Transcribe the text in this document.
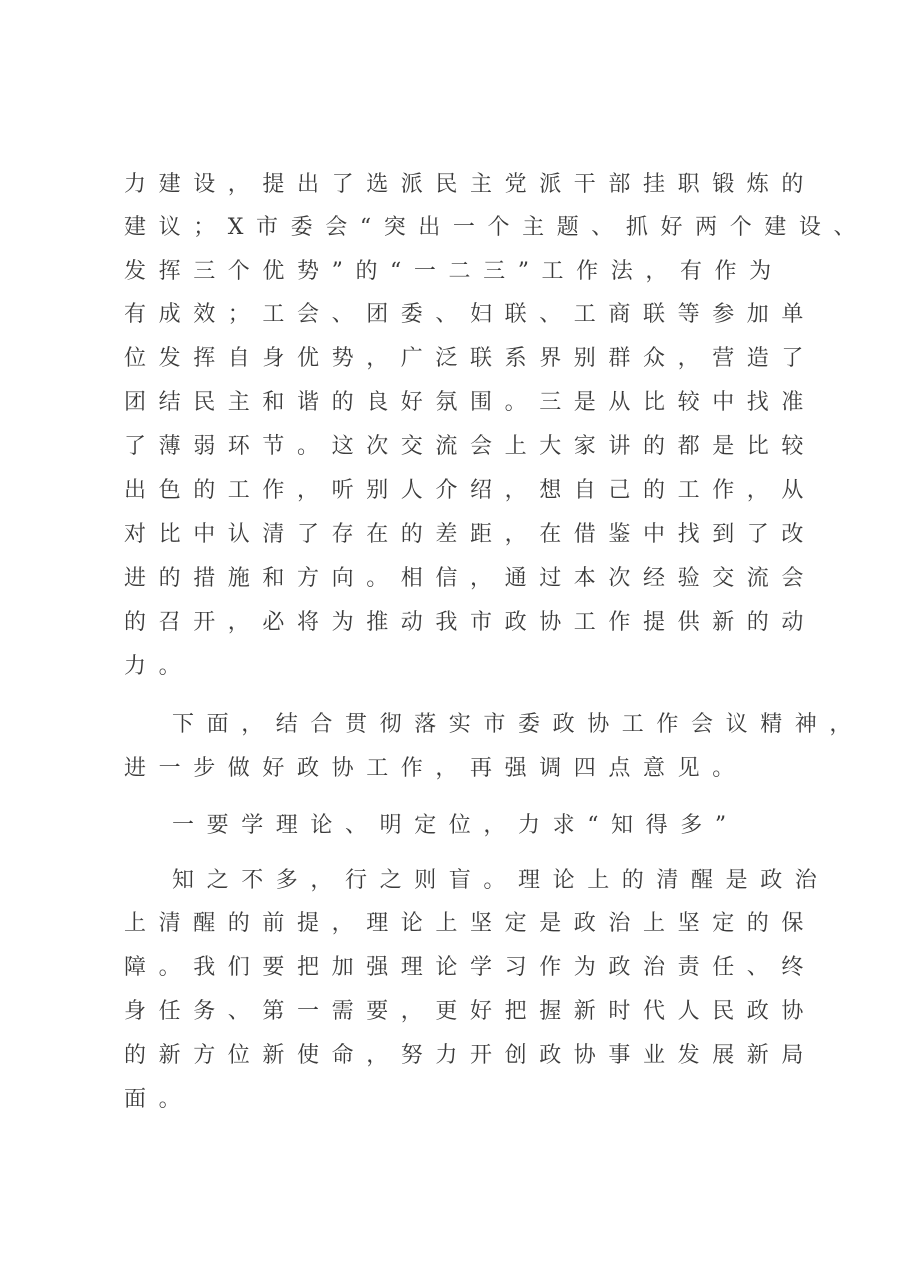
力建设，提出了选派民主党派干部挂职锻炼的
建议；X市委会“突出一个主题、抓好两个建设、
发挥三个优势”的“一二三”工作法，有作为
有成效；工会、团委、妇联、工商联等参加单
位发挥自身优势，广泛联系界别群众，营造了
团结民主和谐的良好氛围。三是从比较中找准
了薄弱环节。这次交流会上大家讲的都是比较
出色的工作，听别人介绍，想自己的工作，从
对比中认清了存在的差距，在借鉴中找到了改
进的措施和方向。相信，通过本次经验交流会
的召开，必将为推动我市政协工作提供新的动
力。
下面，结合贯彻落实市委政协工作会议精神，
进一步做好政协工作，再强调四点意见。
一要学理论、明定位，力求“知得多”
知之不多，行之则盲。理论上的清醒是政治
上清醒的前提，理论上坚定是政治上坚定的保
障。我们要把加强理论学习作为政治责任、终
身任务、第一需要，更好把握新时代人民政协
的新方位新使命，努力开创政协事业发展新局
面。
